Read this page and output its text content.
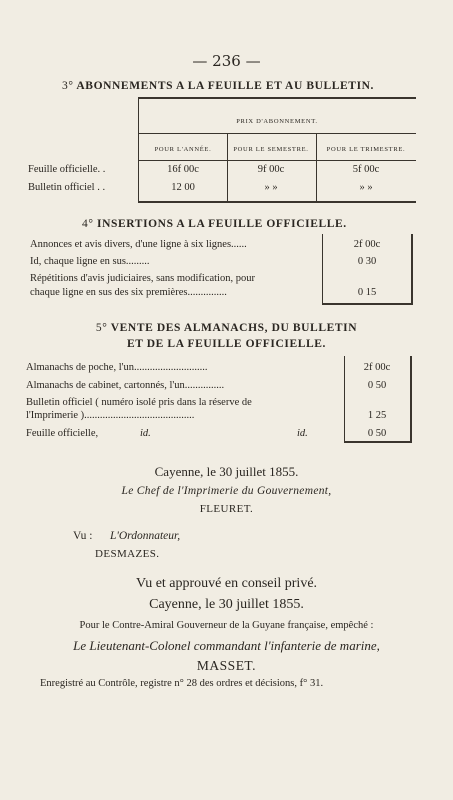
— 236 —
3° ABONNEMENTS A LA FEUILLE ET AU BULLETIN.
PRIX D'ABONNEMENT.
POUR L'ANNÉE.	POUR LE SEMESTRE.	POUR LE TRIMESTRE.
Feuille officielle. .	16f 00c	9f 00c	5f 00c
Bulletin officiel . .	12 00	» »	» »
4° INSERTIONS A LA FEUILLE OFFICIELLE.
Annonces et avis divers, d'une ligne à six lignes......	2f 00c
Id, chaque ligne en sus.........	0 30
Répétitions d'avis judiciaires, sans modification, pour
chaque ligne en sus des six premières...............	0 15
5° VENTE DES ALMANACHS, DU BULLETIN
ET DE LA FEUILLE OFFICIELLE.
Almanachs de poche, l'un............................	2f 00c
Almanachs de cabinet, cartonnés, l'un...............	0 50
Bulletin officiel ( numéro isolé pris dans la réserve de
l'Imprimerie )..........................................	1 25
Feuille officielle,	id.	id.	0 50
Cayenne, le 30 juillet 1855.
Le Chef de l'Imprimerie du Gouvernement,
FLEURET.
Vu : L'Ordonnateur,
DESMAZES.
Vu et approuvé en conseil privé.
Cayenne, le 30 juillet 1855.
Pour le Contre-Amiral Gouverneur de la Guyane française, empêché :
Le Lieutenant-Colonel commandant l'infanterie de marine,
MASSET.
Enregistré au Contrôle, registre n° 28 des ordres et décisions, f° 31.
